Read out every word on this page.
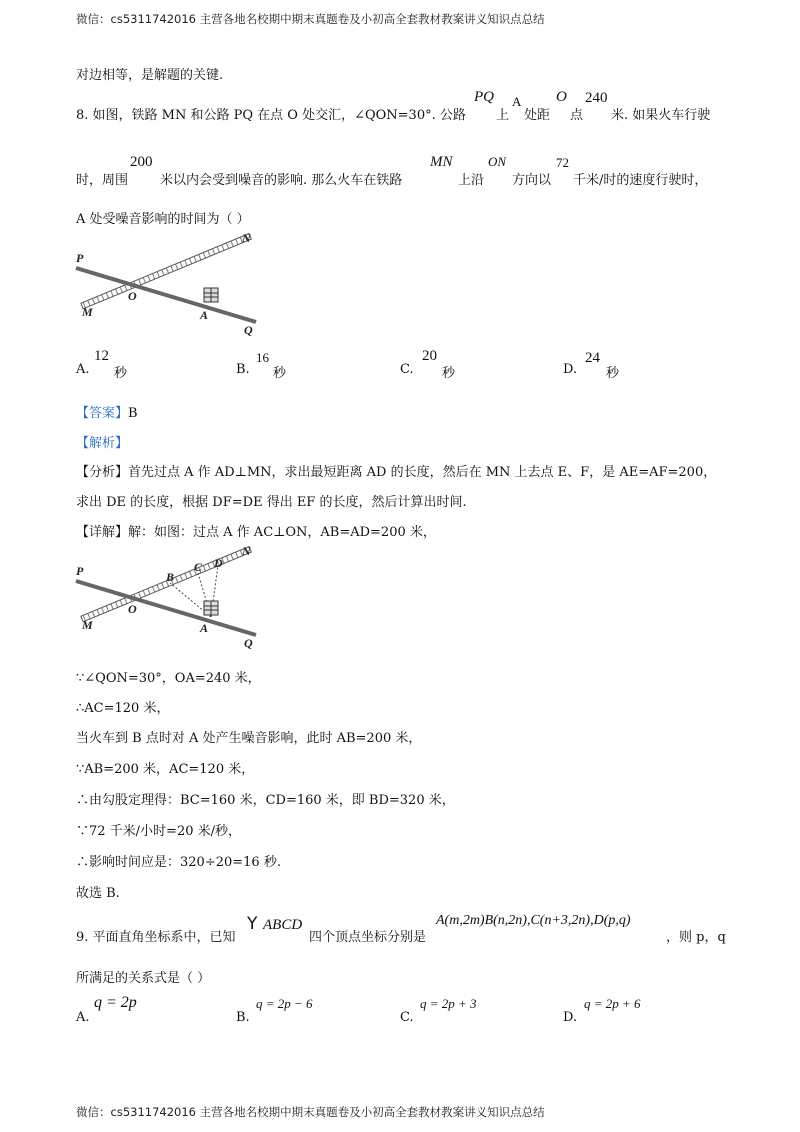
微信：cs5311742016 主营各地名校期中期末真题卷及小初高全套教材教案讲义知识点总结
对边相等，是解题的关键.
8. 如图，铁路 MN 和公路 PQ 在点 O 处交汇，∠QON=30°. 公路
PQ
上
A
处距
O
点
240
米. 如果火车行驶
时，周围
200
米以内会受到噪音的影响. 那么火车在铁路
MN
上沿
ON
方向以
72
千米/时的速度行驶时，
A 处受噪音影响的时间为（ ）
P
N
O
M	A
Q
A.
12
秒	B.
16
秒	C.
20
秒	D.
24
秒
【答案】B
【解析】
【分析】首先过点 A 作 AD⊥MN，求出最短距离 AD 的长度，然后在 MN 上去点 E、F，是 AE=AF=200，
求出 DE 的长度，根据 DF=DE 得出 EF 的长度，然后计算出时间.
【详解】解：如图：过点 A 作 AC⊥ON，AB=AD=200 米，
P
N
B
C D
O
M	A
Q
∵∠QON=30°，OA=240 米，
∴AC=120 米，
当火车到 B 点时对 A 处产生噪音影响，此时 AB=200 米，
∵AB=200 米，AC=120 米，
∴由勾股定理得：BC=160 米，CD=160 米，即 BD=320 米，
∵72 千米/小时=20 米/秒，
∴影响时间应是：320÷20=16 秒.
故选 B.
9. 平面直角坐标系中，已知
Y ABCD
四个顶点坐标分别是
A(m,2m)B(n,2n),C(n+3,2n),D(p,q)
，则 p，q
所满足的关系式是（ ）
A.
q = 2p
B.
q = 2p − 6
C.
q = 2p + 3
D.
q = 2p + 6
微信：cs5311742016 主营各地名校期中期末真题卷及小初高全套教材教案讲义知识点总结
